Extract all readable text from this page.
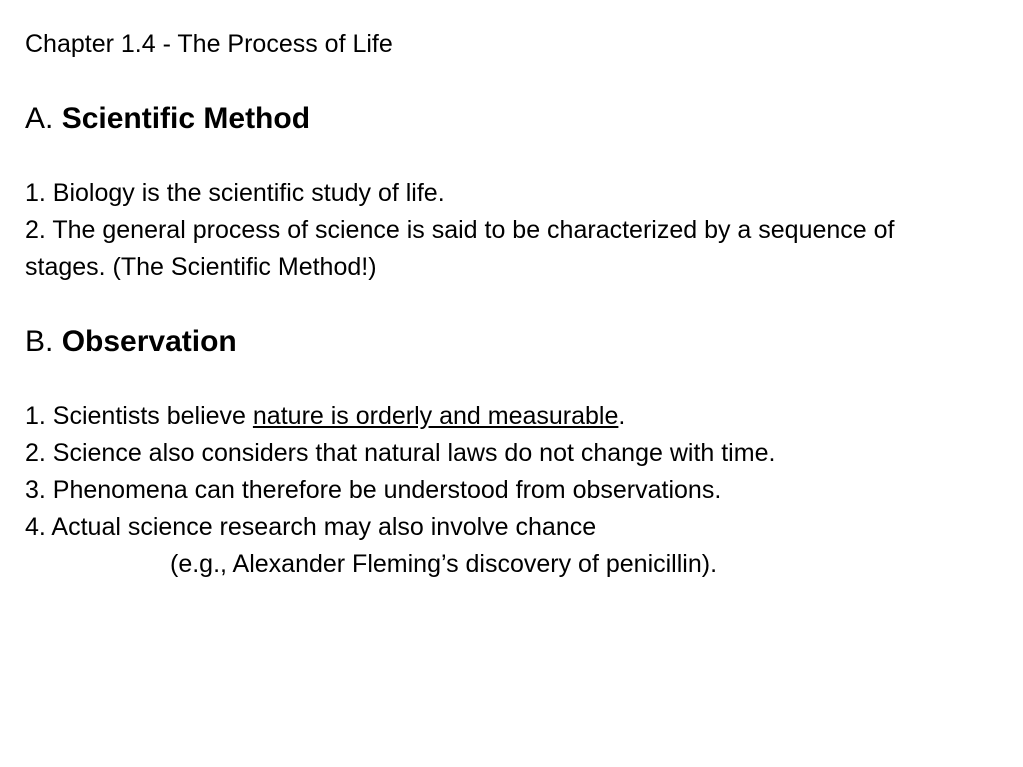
Chapter 1.4 - The Process of Life

A. Scientific Method

1. Biology is the scientific study of life.

2. The general process of science is said to be characterized by a sequence of stages. (The Scientific Method!)

B. Observation

1. Scientists believe nature is orderly and measurable.

2. Science also considers that natural laws do not change with time.

3. Phenomena can therefore be understood from observations.

4. Actual science research may also involve chance

(e.g., Alexander Fleming’s discovery of penicillin).
